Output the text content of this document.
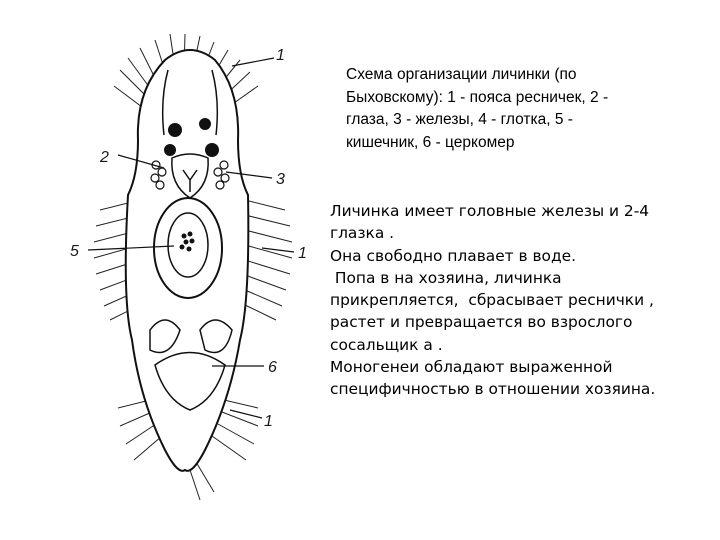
1
2
3
5	1
6
1

Схема организации личинки (по Быховскому): 1 - пояса ресничек, 2 - глаза, 3 - железы, 4 - глотка, 5 - кишечник, 6 - церкомер

Личинка имеет головные железы и 2-4 глазка .

Она свободно плавает в воде.

Попа в на хозяина, личинка прикрепляется,  сбрасывает реснички , растет и превращается во взрослого сосальщик а .

Моногенеи обладают выраженной специфичностью в отношении хозяина.
